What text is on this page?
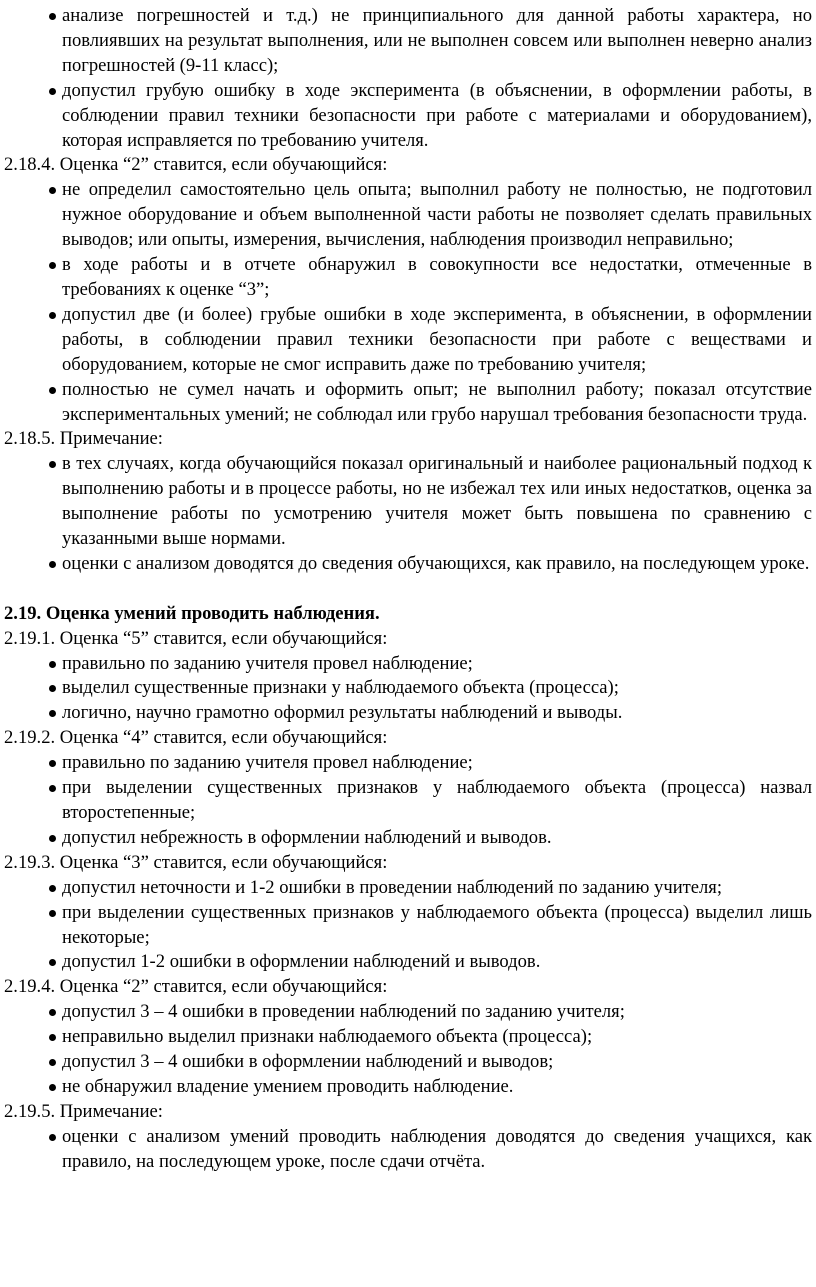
анализе погрешностей и т.д.) не принципиального для данной работы характера, но повлиявших на результат выполнения, или не выполнен совсем или выполнен неверно анализ погрешностей (9-11 класс);
допустил грубую ошибку в ходе эксперимента (в объяснении, в оформлении работы, в соблюдении правил техники безопасности при работе с материалами и оборудованием), которая исправляется по требованию учителя.
2.18.4. Оценка “2” ставится, если обучающийся:
не определил самостоятельно цель опыта; выполнил работу не полностью, не подготовил нужное оборудование и объем выполненной части работы не позволяет сделать правильных выводов; или опыты, измерения, вычисления, наблюдения производил неправильно;
в ходе работы и в отчете обнаружил в совокупности все недостатки, отмеченные в требованиях к оценке “3”;
допустил две (и более) грубые ошибки в ходе эксперимента, в объяснении, в оформлении работы, в соблюдении правил техники безопасности при работе с веществами и оборудованием, которые не смог исправить даже по требованию учителя;
полностью не сумел начать и оформить опыт; не выполнил работу; показал отсутствие экспериментальных умений; не соблюдал или грубо нарушал требования безопасности труда.
2.18.5. Примечание:
в тех случаях, когда обучающийся показал оригинальный и наиболее рациональный подход к выполнению работы и в процессе работы, но не избежал тех или иных недостатков, оценка за выполнение работы по усмотрению учителя может быть повышена по сравнению с указанными выше нормами.
оценки с анализом доводятся до сведения обучающихся, как правило, на последующем уроке.
2.19. Оценка умений проводить наблюдения.
2.19.1. Оценка “5” ставится, если обучающийся:
правильно по заданию учителя провел наблюдение;
выделил существенные признаки у наблюдаемого объекта (процесса);
логично, научно грамотно оформил результаты наблюдений и выводы.
2.19.2. Оценка “4” ставится, если обучающийся:
правильно по заданию учителя провел наблюдение;
при выделении существенных признаков у наблюдаемого объекта (процесса) назвал второстепенные;
допустил небрежность в оформлении наблюдений и выводов.
2.19.3. Оценка “3” ставится, если обучающийся:
допустил неточности и 1-2 ошибки в проведении наблюдений по заданию учителя;
при выделении существенных признаков у наблюдаемого объекта (процесса) выделил лишь некоторые;
допустил 1-2 ошибки в оформлении наблюдений и выводов.
2.19.4. Оценка “2” ставится, если обучающийся:
допустил 3 – 4 ошибки в проведении наблюдений по заданию учителя;
неправильно выделил признаки наблюдаемого объекта (процесса);
допустил 3 – 4 ошибки в оформлении наблюдений и выводов;
не обнаружил владение умением проводить наблюдение.
2.19.5. Примечание:
оценки с анализом умений проводить наблюдения доводятся до сведения учащихся, как правило, на последующем уроке, после сдачи отчёта.
